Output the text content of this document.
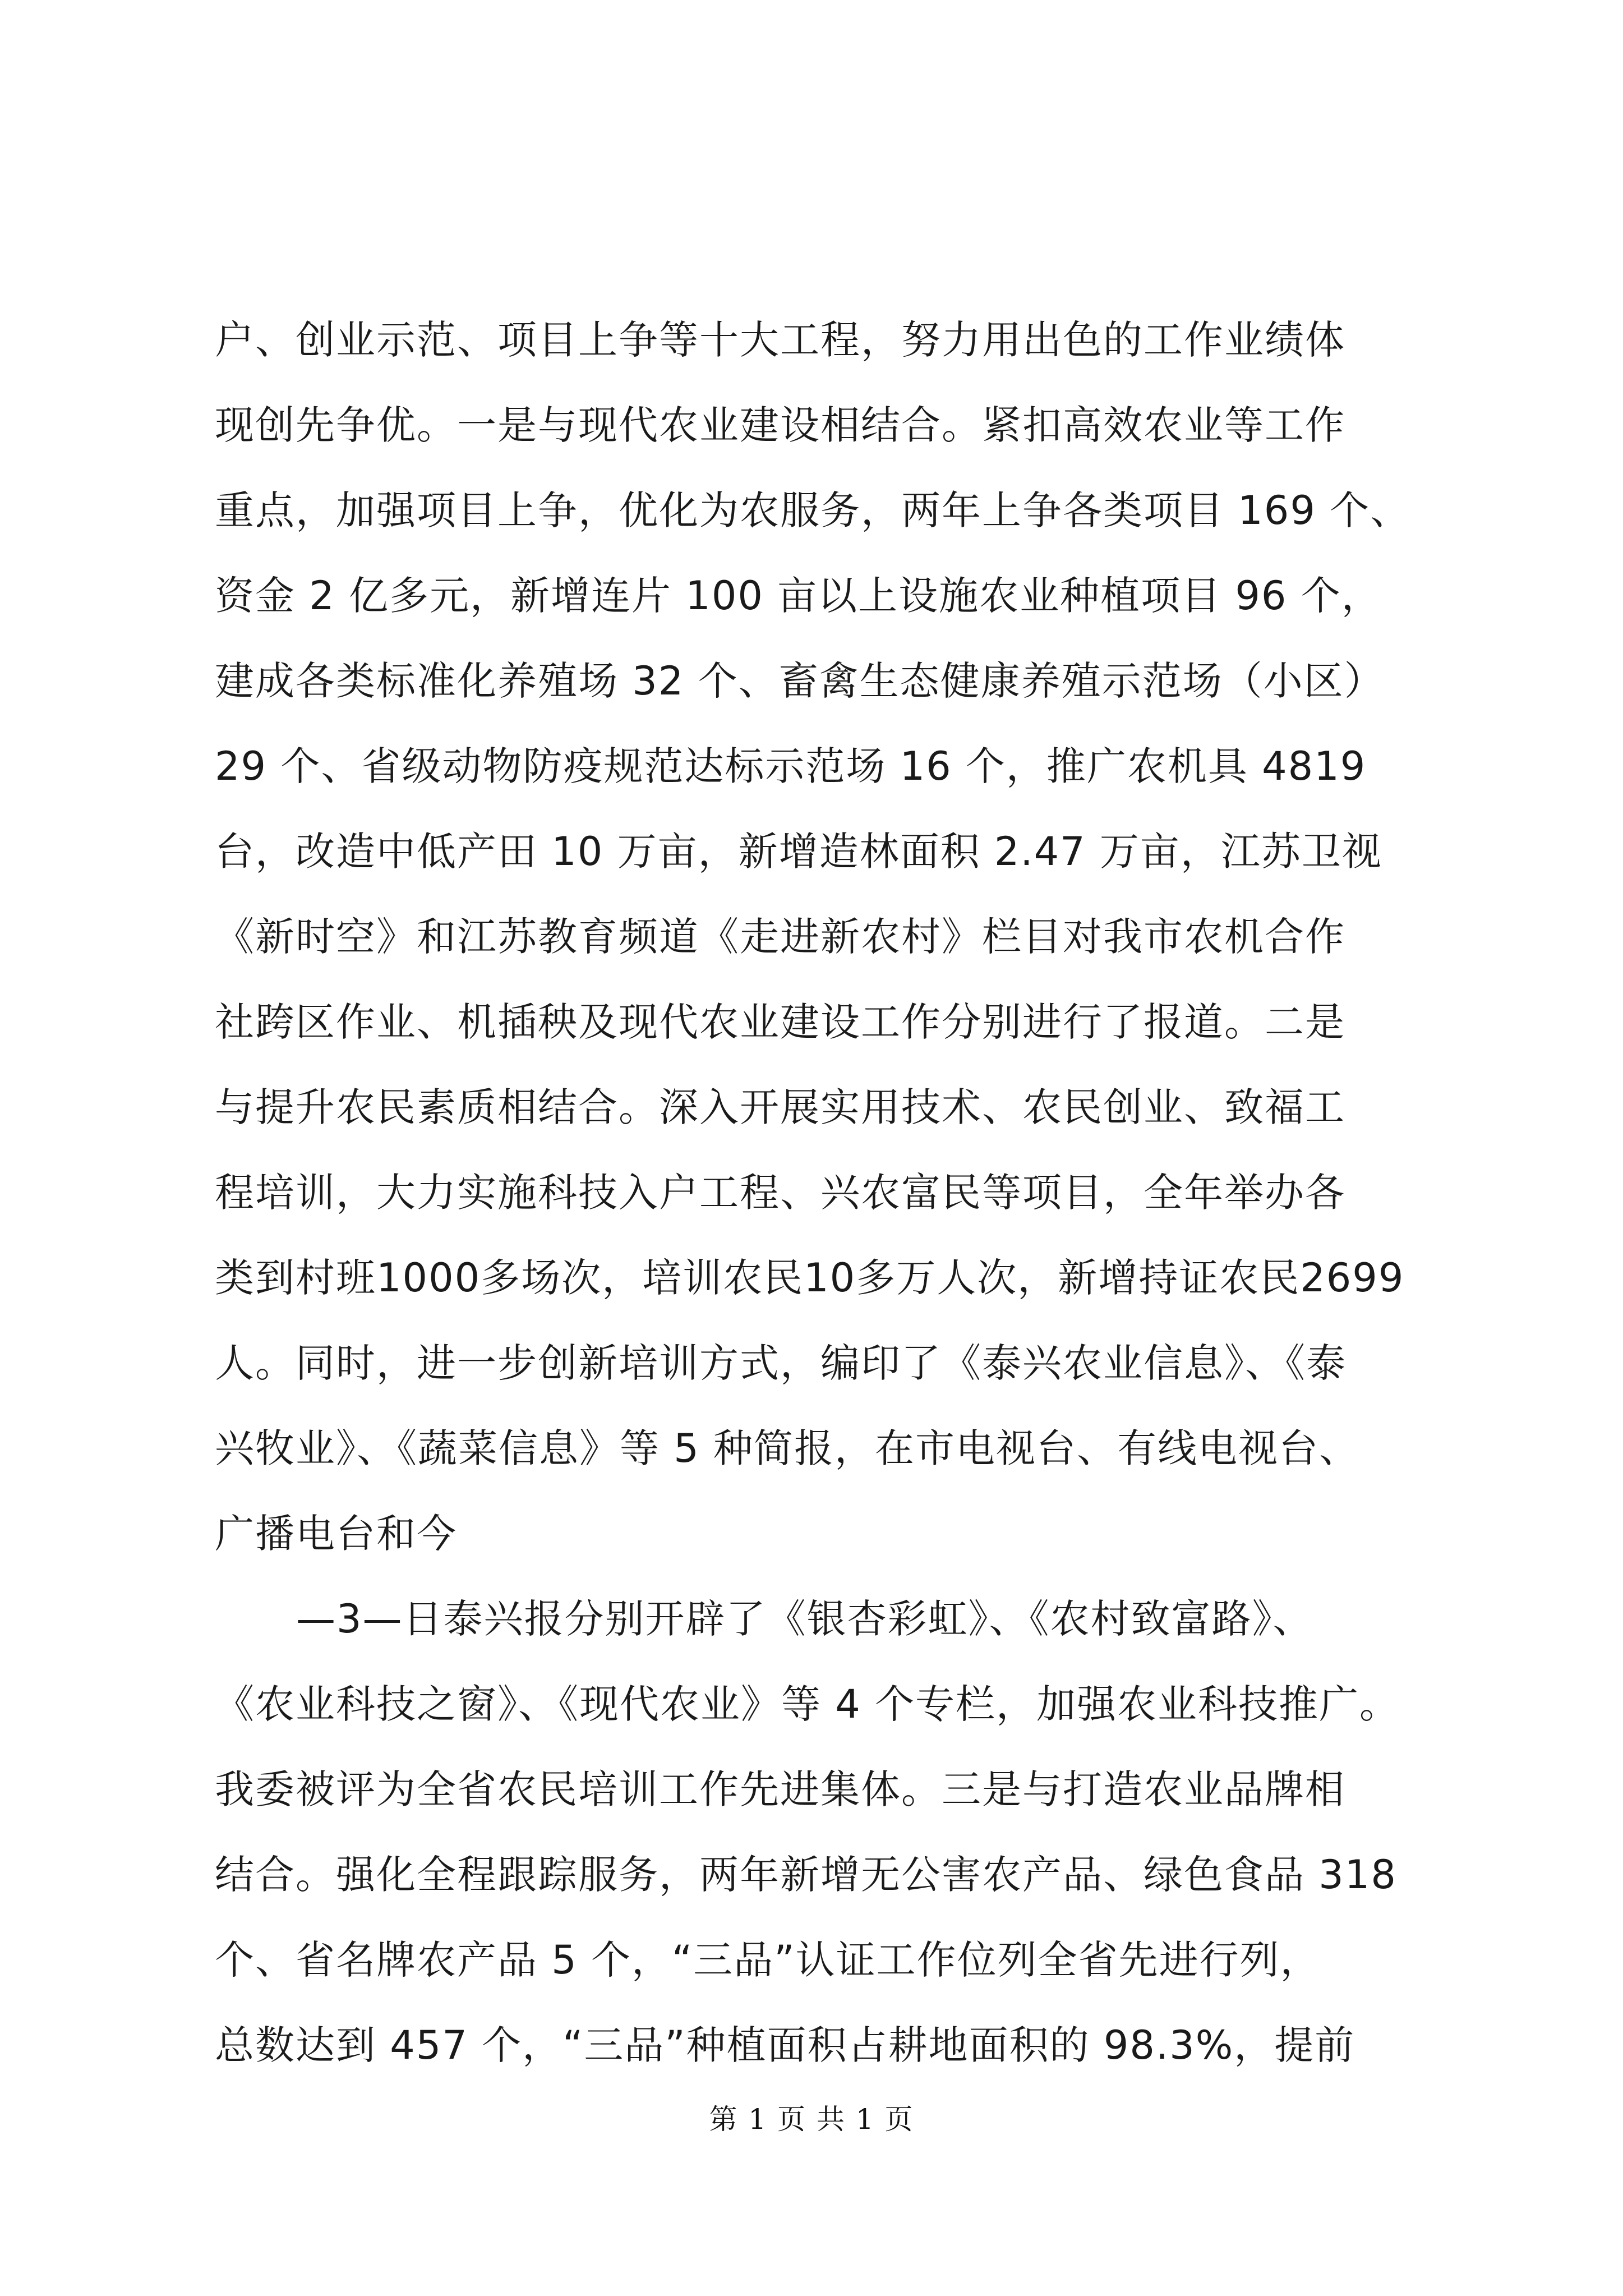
户、创业示范、项目上争等十大工程，努力用出色的工作业绩体
现创先争优。一是与现代农业建设相结合。紧扣高效农业等工作
重点，加强项目上争，优化为农服务，两年上争各类项目 169 个、
资金 2 亿多元，新增连片 100 亩以上设施农业种植项目 96 个，
建成各类标准化养殖场 32 个、畜禽生态健康养殖示范场（小区）
29 个、省级动物防疫规范达标示范场 16 个，推广农机具 4819
台，改造中低产田 10 万亩，新增造林面积 2.47 万亩，江苏卫视
《新时空》和江苏教育频道《走进新农村》栏目对我市农机合作
社跨区作业、机插秧及现代农业建设工作分别进行了报道。二是
与提升农民素质相结合。深入开展实用技术、农民创业、致福工
程培训，大力实施科技入户工程、兴农富民等项目，全年举办各
类到村班1000多场次，培训农民10多万人次，新增持证农民2699
人。同时，进一步创新培训方式，编印了《泰兴农业信息》、《泰
兴牧业》、《蔬菜信息》等 5 种简报，在市电视台、有线电视台、
广播电台和今
—3—日泰兴报分别开辟了《银杏彩虹》、《农村致富路》、
《农业科技之窗》、《现代农业》等 4 个专栏，加强农业科技推广。
我委被评为全省农民培训工作先进集体。三是与打造农业品牌相
结合。强化全程跟踪服务，两年新增无公害农产品、绿色食品 318
个、省名牌农产品 5 个，“三品”认证工作位列全省先进行列，
总数达到 457 个，“三品”种植面积占耕地面积的 98.3%，提前
第 1 页 共 1 页
